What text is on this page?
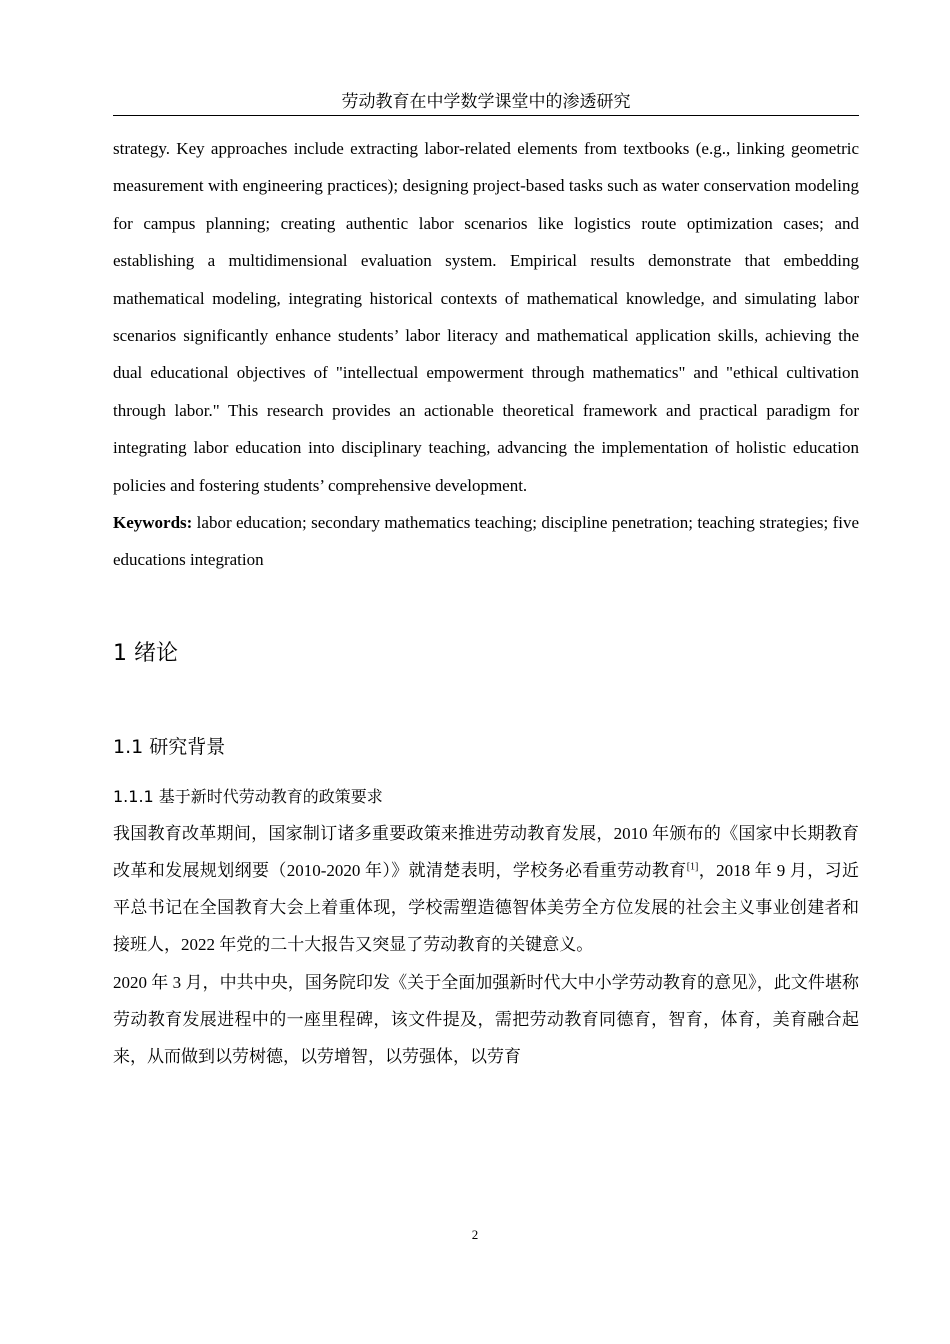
劳动教育在中学数学课堂中的渗透研究

strategy. Key approaches include extracting labor-related elements from textbooks (e.g., linking geometric measurement with engineering practices); designing project-based tasks such as water conservation modeling for campus planning; creating authentic labor scenarios like logistics route optimization cases; and establishing a multidimensional evaluation system. Empirical results demonstrate that embedding mathematical modeling, integrating historical contexts of mathematical knowledge, and simulating labor scenarios significantly enhance students’ labor literacy and mathematical application skills, achieving the dual educational objectives of "intellectual empowerment through mathematics" and "ethical cultivation through labor." This research provides an actionable theoretical framework and practical paradigm for integrating labor education into disciplinary teaching, advancing the implementation of holistic education policies and fostering students’ comprehensive development.

Keywords: labor education; secondary mathematics teaching; discipline penetration; teaching strategies; five educations integration

1 绪论
1.1 研究背景
1.1.1 基于新时代劳动教育的政策要求

我国教育改革期间，国家制订诸多重要政策来推进劳动教育发展，2010 年颁布的《国家中长期教育改革和发展规划纲要（2010-2020 年）》就清楚表明，学校务必看重劳动教育[1]，2018 年 9 月，习近平总书记在全国教育大会上着重体现，学校需塑造德智体美劳全方位发展的社会主义事业创建者和接班人，2022 年党的二十大报告又突显了劳动教育的关键意义。

2020 年 3 月，中共中央，国务院印发《关于全面加强新时代大中小学劳动教育的意见》，此文件堪称劳动教育发展进程中的一座里程碑，该文件提及，需把劳动教育同德育，智育，体育，美育融合起来，从而做到以劳树德，以劳增智，以劳强体，以劳育

2
